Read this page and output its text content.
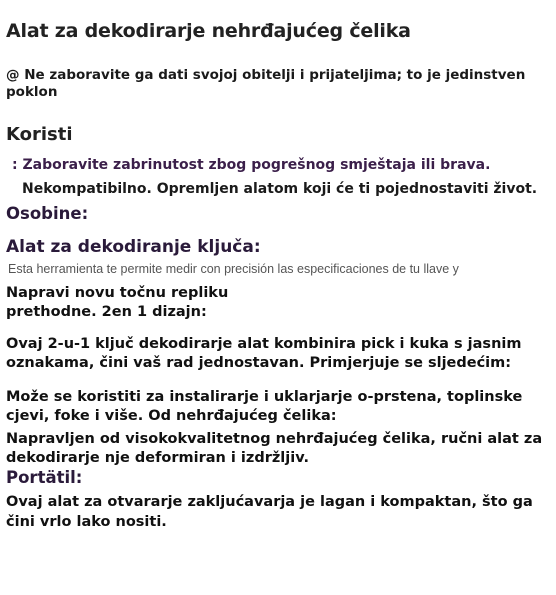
Alat za dekodirarje nehrđajućeg čelika
@ Ne zaboravite ga dati svojoj obitelji i prijateljima; to je jedinstven poklon
Koristi
: Zaboravite zabrinutost zbog pogrešnog smještaja ili brava.
Nekompatibilno. Opremljen alatom koji će ti pojednostaviti život.
Osobine:
Alat za dekodiranje ključa:
Esta herramienta te permite medir con precisión las especificaciones de tu llave y
Napravi novu točnu repliku prethodne. 2en 1 dizajn:
Ovaj 2-u-1 ključ dekodirarje alat kombinira pick i kuka s jasnim oznakama, čini vaš rad jednostavan. Primjerjuje se sljedećim:
Može se koristiti za instalirarje i uklarjarje o-prstena, toplinske cjevi, foke i više. Od nehrđajućeg čelika:
Napravljen od visokokvalitetnog nehrđajućeg čelika, ručni alat za dekodirarje nje deformiran i izdržljiv.
Portätil:
Ovaj alat za otvararje zakljućavarja je lagan i kompaktan, što ga čini vrlo lako nositi.
